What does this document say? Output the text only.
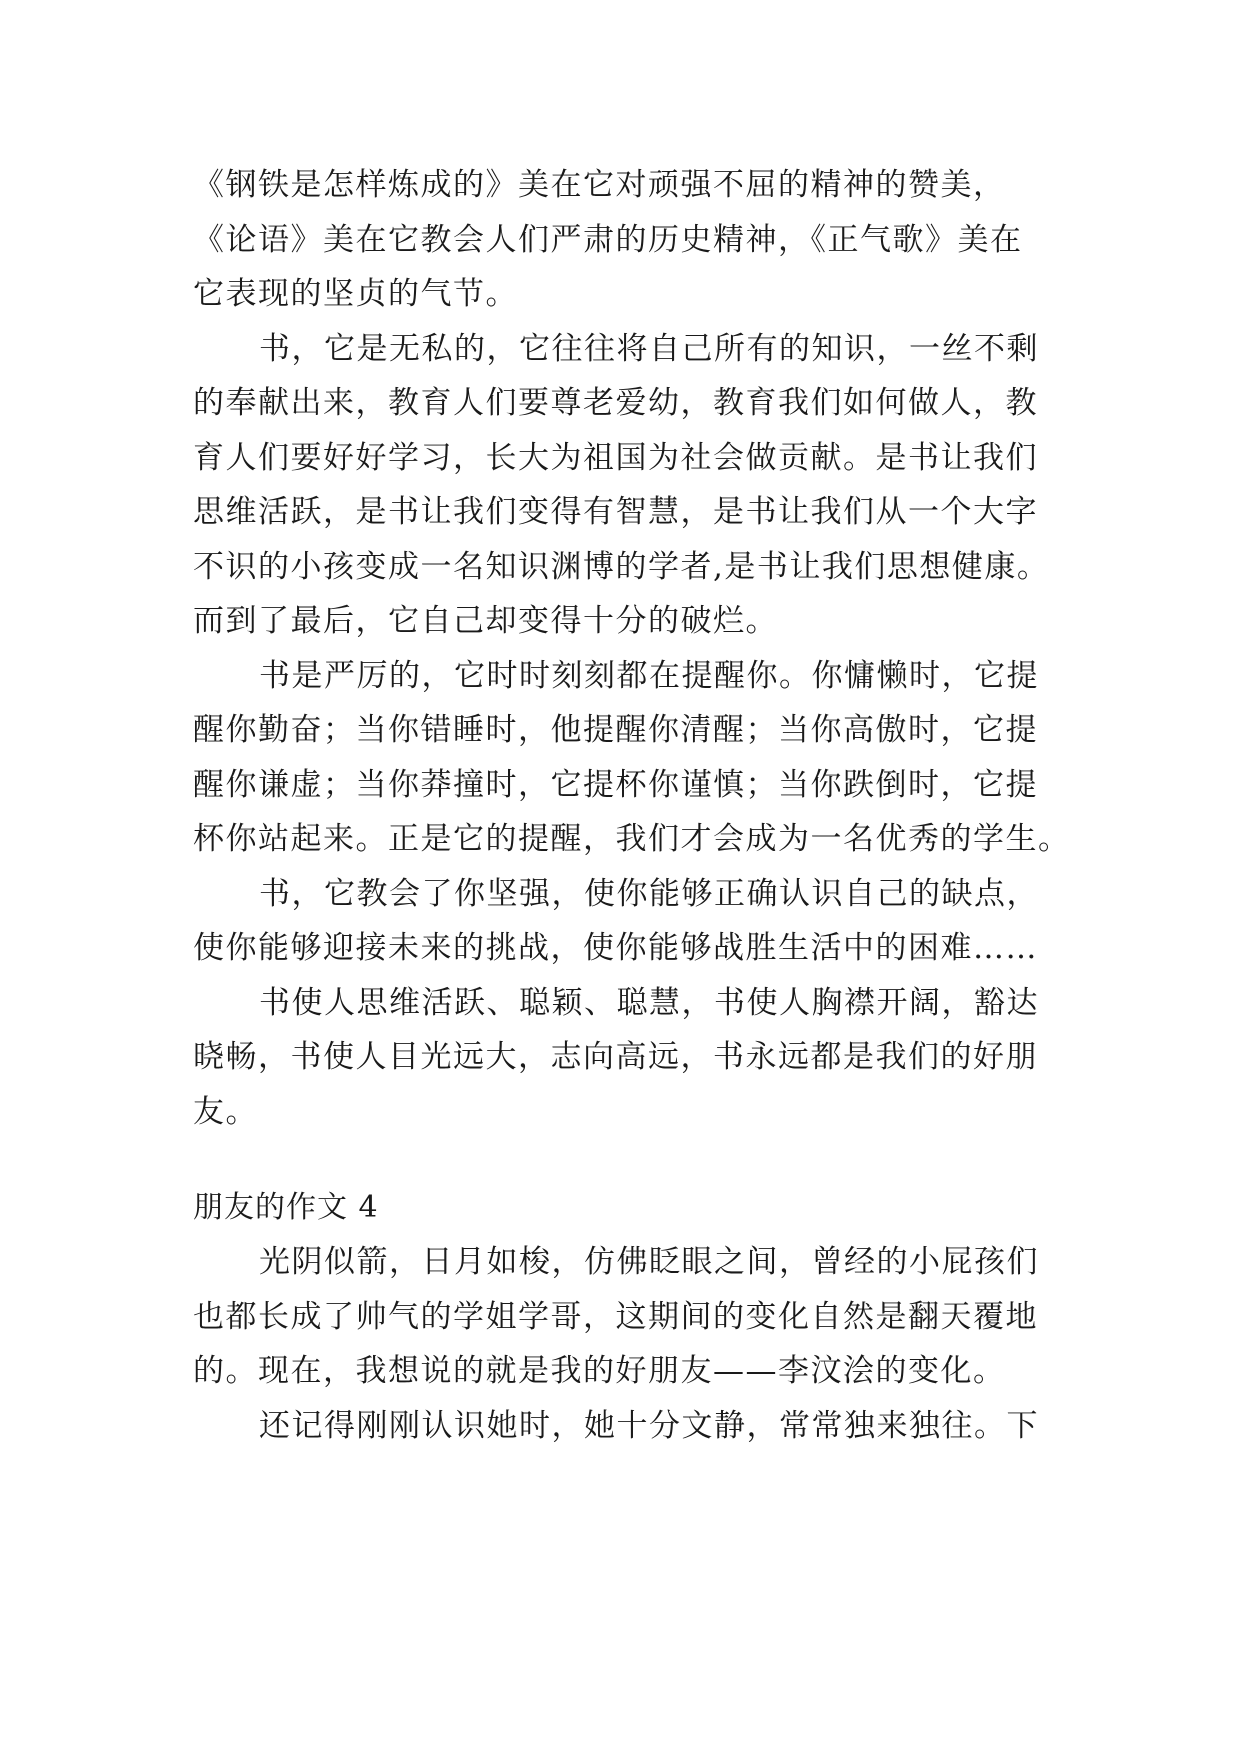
《钢铁是怎样炼成的》美在它对顽强不屈的精神的赞美，
《论语》美在它教会人们严肃的历史精神，《正气歌》美在
它表现的坚贞的气节。
书，它是无私的，它往往将自己所有的知识，一丝不剩
的奉献出来，教育人们要尊老爱幼，教育我们如何做人，教
育人们要好好学习，长大为祖国为社会做贡献。是书让我们
思维活跃，是书让我们变得有智慧，是书让我们从一个大字
不识的小孩变成一名知识渊博的学者,是书让我们思想健康。
而到了最后，它自己却变得十分的破烂。
书是严厉的，它时时刻刻都在提醒你。你慵懒时，它提
醒你勤奋；当你错睡时，他提醒你清醒；当你高傲时，它提
醒你谦虚；当你莽撞时，它提杯你谨慎；当你跌倒时，它提
杯你站起来。正是它的提醒，我们才会成为一名优秀的学生。
书，它教会了你坚强，使你能够正确认识自己的缺点，
使你能够迎接未来的挑战，使你能够战胜生活中的困难……
书使人思维活跃、聪颖、聪慧，书使人胸襟开阔，豁达
晓畅，书使人目光远大，志向高远，书永远都是我们的好朋
友。
朋友的作文 4
光阴似箭，日月如梭，仿佛眨眼之间，曾经的小屁孩们
也都长成了帅气的学姐学哥，这期间的变化自然是翻天覆地
的。现在，我想说的就是我的好朋友——李汶浍的变化。
还记得刚刚认识她时，她十分文静，常常独来独往。下
